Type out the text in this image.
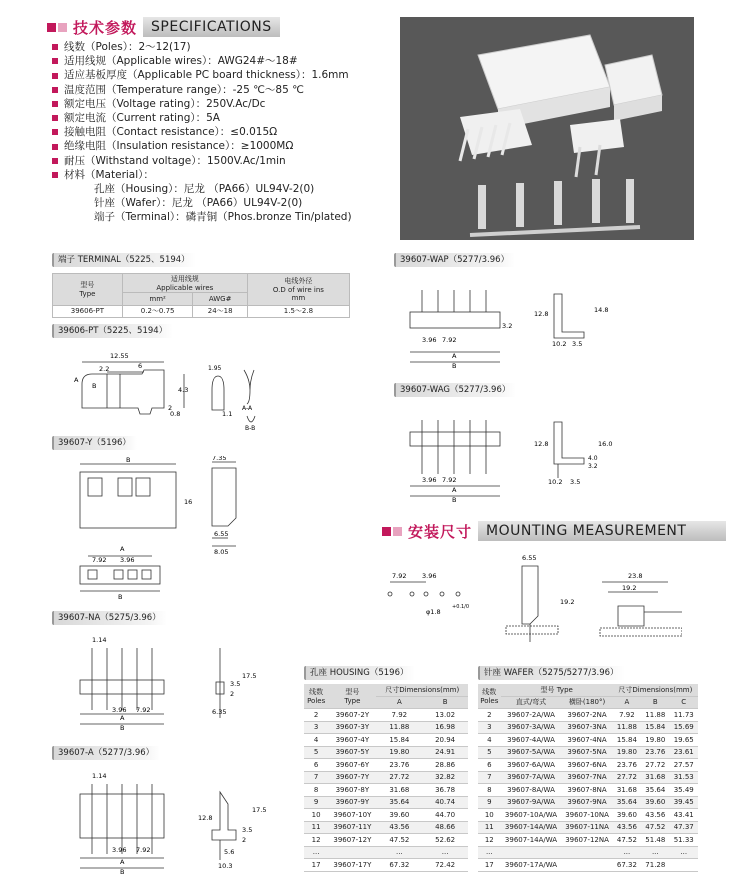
技术参数	SPECIFICATIONS
线数（Poles）：2～12(17)
适用线规（Applicable wires）：AWG24#～18#
适应基板厚度（Applicable PC board thickness）：1.6mm
温度范围（Temperature range）：-25 ℃～85 ℃
额定电压（Voltage rating）：250V.Ac/Dc
额定电流（Current rating）：5A
接触电阻（Contact resistance）：≤0.015Ω
绝缘电阻（Insulation resistance）：≥1000MΩ
耐压（Withstand voltage）：1500V.Ac/1min
材料（Material）：
孔座（Housing）：尼龙 （PA66）UL94V-2(0)
针座（Wafer）：尼龙 （PA66）UL94V-2(0)
端子（Terminal）：磷青铜（Phos.bronze Tin/plated)
端子 TERMINAL（5225、5194）
型号
Type	适用线规
Applicable wires		电线外径
O.D of wire ins
mm
	mm²	AWG#	
39606-PT	0.2～0.75	24～18	1.5～2.8
39606-PT（5225、5194）
12.55
2.2	6
4.3
2
0.8
1.95
1.1
A-A
B-B
A
B
39607-Y（5196）
7.35
B
16
6.55
8.05
A
7.92 3.96
B
39607-NA（5275/3.96）
1.14
3.96 7.92
A
B
3.5
2
17.5
6.35
39607-A（5277/3.96）
1.14
12.8
17.5
3.5
2
5.6
10.3
3.96 7.92
A
B
39607-WAP（5277/3.96）
12.8	14.8
3.2
3.96 7.92
A
B
10.2 3.5
39607-WAG（5277/3.96）
12.8	16.0
4.0
3.2
3.96 7.92
A
B
10.2 3.5
安装尺寸	MOUNTING MEASUREMENT
6.55
7.92 3.96
φ1.8
+0.1/0
19.2
23.8
19.2
孔座 HOUSING（5196）
线数
Poles	型号
Type	尺寸Dimensions(mm)	
		A	B
2	39607-2Y	7.92	13.02
3	39607-3Y	11.88	16.98
4	39607-4Y	15.84	20.94
5	39607-5Y	19.80	24.91
6	39607-6Y	23.76	28.86
7	39607-7Y	27.72	32.82
8	39607-8Y	31.68	36.78
9	39607-9Y	35.64	40.74
10	39607-10Y	39.60	44.70
11	39607-11Y	43.56	48.66
12	39607-12Y	47.52	52.62
...		...	...
17	39607-17Y	67.32	72.42
针座 WAFER（5275/5277/3.96）
线数
Poles	型号 Type		尺寸Dimensions(mm)		
	直式/弯式	横卧(180°)	A	B	C
2	39607-2A/WA	39607-2NA	7.92	11.88	11.73
3	39607-3A/WA	39607-3NA	11.88	15.84	15.69
4	39607-4A/WA	39607-4NA	15.84	19.80	19.65
5	39607-5A/WA	39607-5NA	19.80	23.76	23.61
6	39607-6A/WA	39607-6NA	23.76	27.72	27.57
7	39607-7A/WA	39607-7NA	27.72	31.68	31.53
8	39607-8A/WA	39607-8NA	31.68	35.64	35.49
9	39607-9A/WA	39607-9NA	35.64	39.60	39.45
10	39607-10A/WA	39607-10NA	39.60	43.56	43.41
11	39607-14A/WA	39607-11NA	43.56	47.52	47.37
12	39607-14A/WA	39607-12NA	47.52	51.48	51.33
...			...	...	...
17	39607-17A/WA		67.32	71.28	
